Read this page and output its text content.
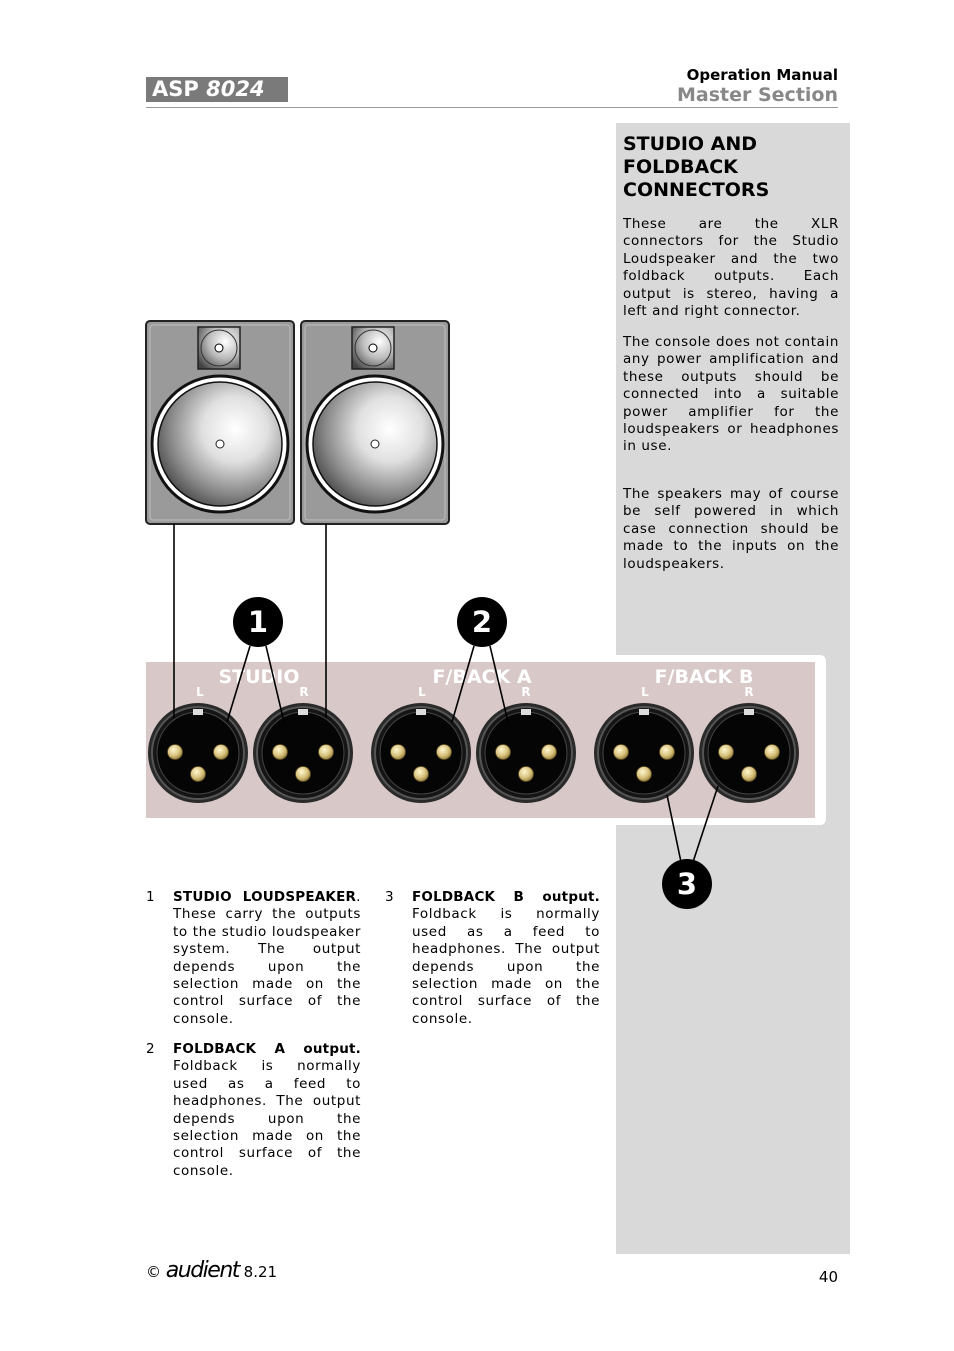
ASP 8024
Operation Manual
Master Section
STUDIO AND
FOLDBACK
CONNECTORS
These are the XLR connectors for the Studio Loudspeaker and the two foldback outputs. Each output is stereo, having a left and right connector.
The console does not contain any power amplification and these outputs should be connected into a suitable power amplifier for the loudspeakers or headphones in use.
The speakers may of course be self powered in which case connection should be made to the inputs on the loudspeakers.
STUDIO	F/BACK A	F/BACK B
L	R	L	R	L	R
1	2
3
1	STUDIO LOUDSPEAKER. These carry the outputs to the studio loudspeaker system. The output depends upon the selection made on the control surface of the console.
2	FOLDBACK A output. Foldback is normally used as a feed to headphones. The output depends upon the selection made on the control surface of the console.
3	FOLDBACK B output. Foldback is normally used as a feed to headphones. The output depends upon the selection made on the control surface of the console.
© audient 8.21	40
